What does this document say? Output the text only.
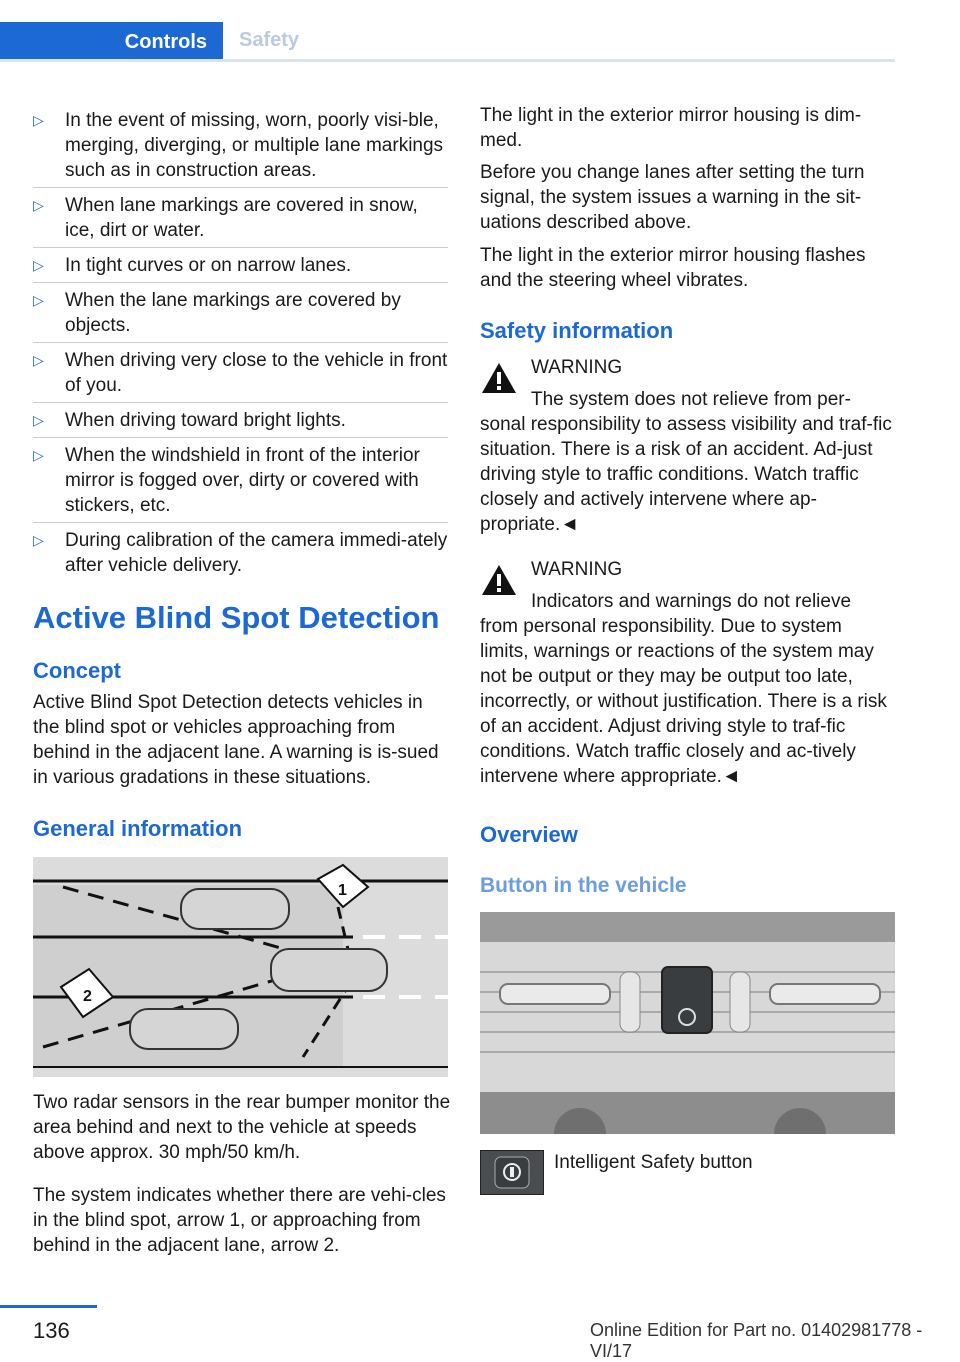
Controls	Safety
▷	In the event of missing, worn, poorly visi‐ble, merging, diverging, or multiple lane markings such as in construction areas.
▷	When lane markings are covered in snow, ice, dirt or water.
▷	In tight curves or on narrow lanes.
▷	When the lane markings are covered by objects.
▷	When driving very close to the vehicle in front of you.
▷	When driving toward bright lights.
▷	When the windshield in front of the interior mirror is fogged over, dirty or covered with stickers, etc.
▷	During calibration of the camera immedi‐ately after vehicle delivery.
Active Blind Spot Detection
Concept

Active Blind Spot Detection detects vehicles in the blind spot or vehicles approaching from behind in the adjacent lane. A warning is is‐sued in various gradations in these situations.

General information
1
2

Two radar sensors in the rear bumper monitor the area behind and next to the vehicle at speeds above approx. 30 mph/50 km/h.

The system indicates whether there are vehi‐cles in the blind spot, arrow 1, or approaching from behind in the adjacent lane, arrow 2.

The light in the exterior mirror housing is dim‐med.

Before you change lanes after setting the turn signal, the system issues a warning in the sit‐uations described above.

The light in the exterior mirror housing flashes and the steering wheel vibrates.

Safety information
WARNING
The system does not relieve from per‐
sonal responsibility to assess visibility and traf‐fic situation. There is a risk of an accident. Ad‐just driving style to traffic conditions. Watch traffic closely and actively intervene where ap‐propriate.◄
WARNING
Indicators and warnings do not relieve
from personal responsibility. Due to system limits, warnings or reactions of the system may not be output or they may be output too late, incorrectly, or without justification. There is a risk of an accident. Adjust driving style to traf‐fic conditions. Watch traffic closely and ac‐tively intervene where appropriate.◄
Overview
Button in the vehicle

Intelligent Safety button

136	Online Edition for Part no. 01402981778 - VI/17
